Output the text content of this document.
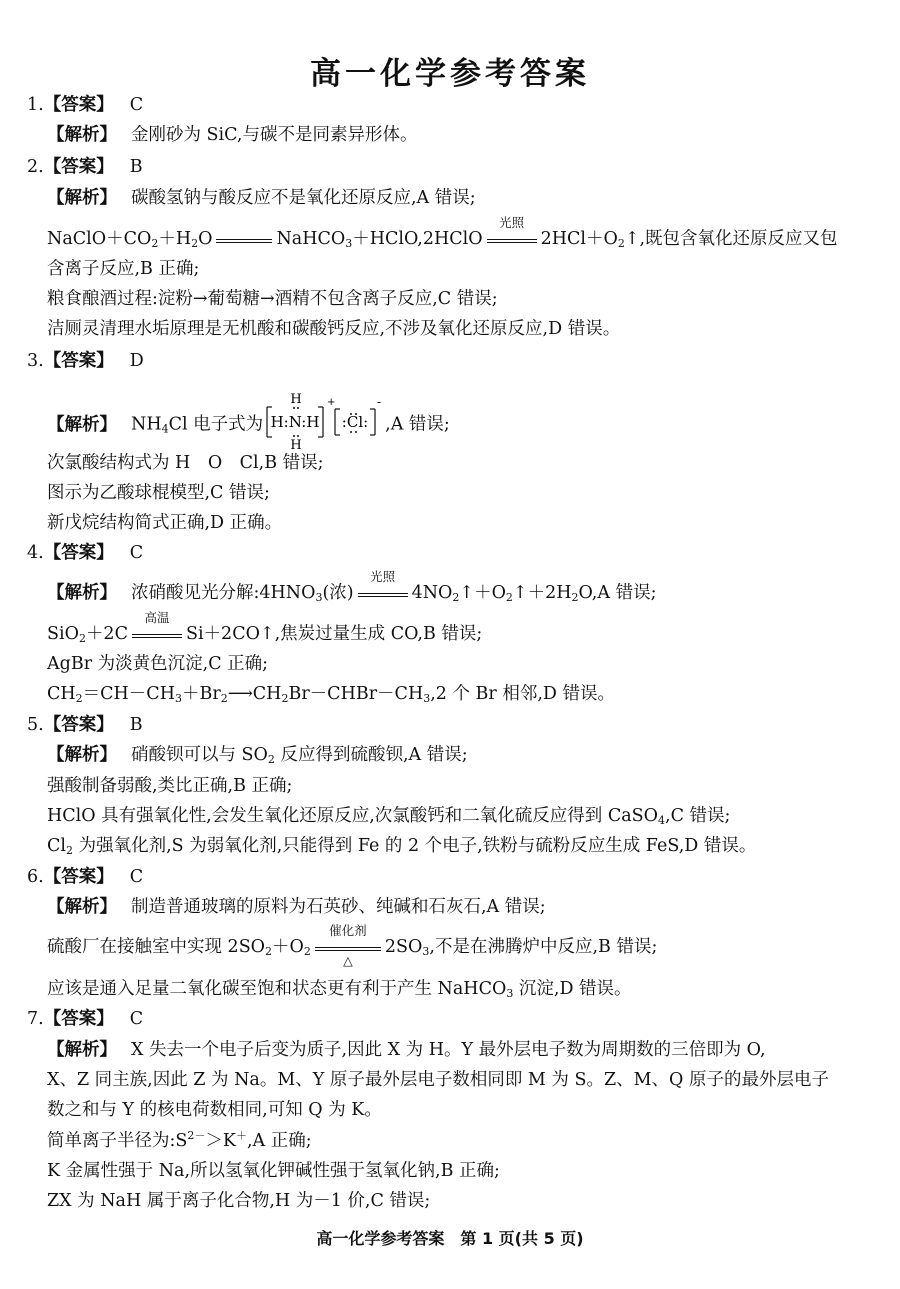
高一化学参考答案
1.【答案】 C
【解析】 金刚砂为 SiC,与碳不是同素异形体。
2.【答案】 B
【解析】 碳酸氢钠与酸反应不是氧化还原反应,A 错误;
$NaClO+CO_2+H_2O$	NaHCO$_3$＋HClO,2HClO
光照
$2HCl+O_2↑$,既包含氧化还原反应又包
含离子反应,B 正确;
粮食酿酒过程:淀粉→葡萄糖→酒精不包含离子反应,C 错误;
洁厕灵清理水垢原理是无机酸和碳酸钙反应,不涉及氧化还原反应,D 错误。
3.【答案】 D
【解析】 $NH_4Cl$ 电子式为
H
H
H:N:H
+
:Cl:
-
,A 错误;
次氯酸结构式为 H　O　Cl,B 错误;
图示为乙酸球棍模型,C 错误;
新戊烷结构简式正确,D 正确。
4.【答案】 C
【解析】 浓硝酸见光分解$:4HNO_3$(浓)
光照
$4NO_2↑+O_2↑+2H_2O,A$ 错误;
SiO$_2$＋2C
高温
Si＋2CO↑,焦炭过量生成 CO,B 错误;
AgBr 为淡黄色沉淀,C 正确;
$CH_2=CH-CH_3+Br_2⟶CH_2Br-CHBr-CH_3,2$ 个 Br 相邻,D 错误。
5.【答案】 B
【解析】 硝酸钡可以与 $SO_2$ 反应得到硫酸钡,A 错误;
强酸制备弱酸,类比正确,B 正确;
HClO 具有强氧化性,会发生氧化还原反应,次氯酸钙和二氧化硫反应得到 CaSO$_4$,C 错误;
$Cl_2$ 为强氧化剂,S 为弱氧化剂,只能得到 Fe 的 2 个电子,铁粉与硫粉反应生成 FeS,D 错误。
6.【答案】 C
【解析】 制造普通玻璃的原料为石英砂、纯碱和石灰石,A 错误;
硫酸厂在接触室中实现 $2SO_2+O_2$
催化剂
△
$2SO_3$,不是在沸腾炉中反应,B 错误;
应该是通入足量二氧化碳至饱和状态更有利于产生 NaHCO$_3$ 沉淀,D 错误。
7.【答案】 C
【解析】 X 失去一个电子后变为质子,因此 X 为 H。Y 最外层电子数为周期数的三倍即为 O,
X、Z 同主族,因此 Z 为 Na。M、Y 原子最外层电子数相同即 M 为 S。Z、M、Q 原子的最外层电子
数之和与 Y 的核电荷数相同,可知 Q 为 K。
简单离子半径为$:S^{2-}>K^+,A$ 正确;
K 金属性强于 Na,所以氢氧化钾碱性强于氢氧化钠,B 正确;
ZX 为 NaH 属于离子化合物,H 为－1 价,C 错误;
高一化学参考答案　第 1 页(共 5 页)
